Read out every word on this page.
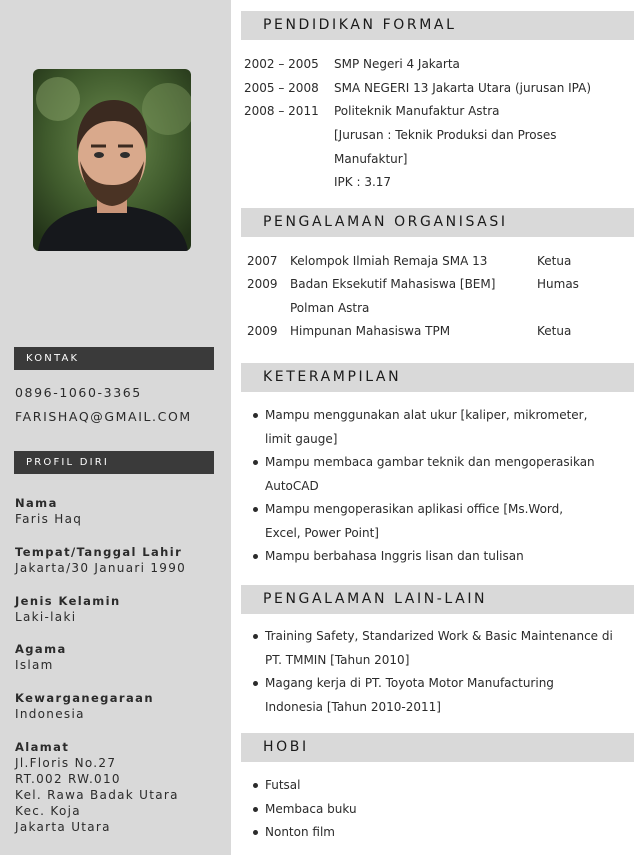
KONTAK
0896-1060-3365
FARISHAQ@GMAIL.COM
PROFIL DIRI
Nama
Faris Haq
Tempat/Tanggal Lahir
Jakarta/30 Januari 1990
Jenis Kelamin
Laki-laki
Agama
Islam
Kewarganegaraan
Indonesia
Alamat
Jl.Floris No.27
RT.002 RW.010
Kel. Rawa Badak Utara
Kec. Koja
Jakarta Utara
PENDIDIKAN FORMAL
2002 – 2005 SMP Negeri 4 Jakarta
2005 – 2008 SMA NEGERI 13 Jakarta Utara (jurusan IPA)
2008 – 2011 Politeknik Manufaktur Astra
[Jurusan : Teknik Produksi dan Proses
Manufaktur]
IPK : 3.17
PENGALAMAN ORGANISASI
2007 Kelompok Ilmiah Remaja SMA 13	Ketua
2009 Badan Eksekutif Mahasiswa [BEM]	Humas
Polman Astra
2009 Himpunan Mahasiswa TPM	Ketua
KETERAMPILAN
Mampu menggunakan alat ukur [kaliper, mikrometer, limit gauge]
Mampu membaca gambar teknik dan mengoperasikan AutoCAD
Mampu mengoperasikan aplikasi office [Ms.Word, Excel, Power Point]
Mampu berbahasa Inggris lisan dan tulisan
PENGALAMAN LAIN-LAIN
Training Safety, Standarized Work & Basic Maintenance di PT. TMMIN [Tahun 2010]
Magang kerja di PT. Toyota Motor Manufacturing Indonesia [Tahun 2010-2011]
HOBI
Futsal
Membaca buku
Nonton film
